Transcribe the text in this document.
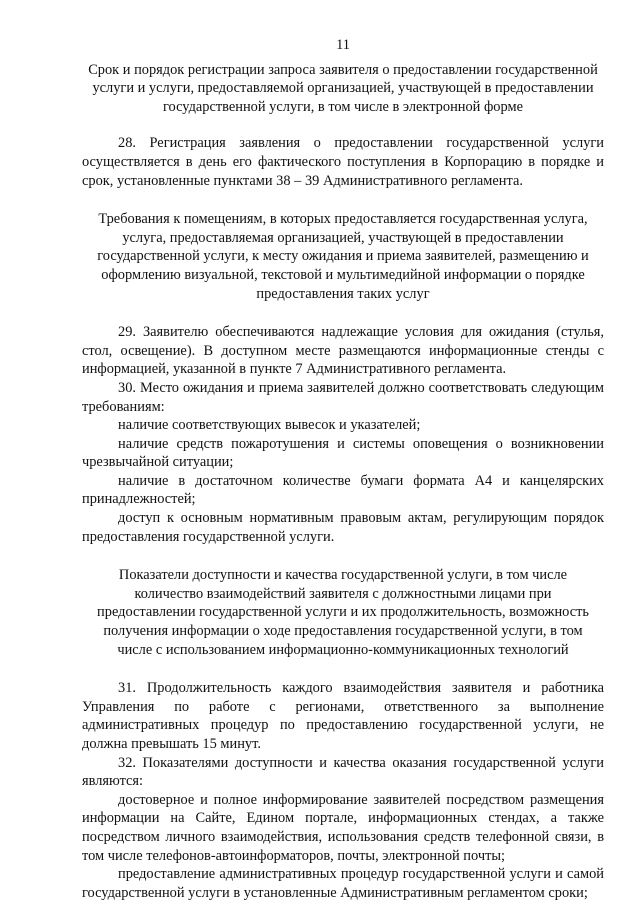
11
Срок и порядок регистрации запроса заявителя о предоставлении государственной услуги и услуги, предоставляемой организацией, участвующей в предоставлении государственной услуги, в том числе в электронной форме

28. Регистрация заявления о предоставлении государственной услуги осуществляется в день его фактического поступления в Корпорацию в порядке и срок, установленные пунктами 38 – 39 Административного регламента.

Требования к помещениям, в которых предоставляется государственная услуга, услуга, предоставляемая организацией, участвующей в предоставлении государственной услуги, к месту ожидания и приема заявителей, размещению и оформлению визуальной, текстовой и мультимедийной информации о порядке предоставления таких услуг

29. Заявителю обеспечиваются надлежащие условия для ожидания (стулья, стол, освещение). В доступном месте размещаются информационные стенды с информацией, указанной в пункте 7 Административного регламента.

30. Место ожидания и приема заявителей должно соответствовать следующим требованиям:

наличие соответствующих вывесок и указателей;

наличие средств пожаротушения и системы оповещения о возникновении чрезвычайной ситуации;

наличие в достаточном количестве бумаги формата А4 и канцелярских принадлежностей;

доступ к основным нормативным правовым актам, регулирующим порядок предоставления государственной услуги.

Показатели доступности и качества государственной услуги, в том числе количество взаимодействий заявителя с должностными лицами при предоставлении государственной услуги и их продолжительность, возможность получения информации о ходе предоставления государственной услуги, в том числе с использованием информационно-коммуникационных технологий

31. Продолжительность каждого взаимодействия заявителя и работника Управления по работе с регионами, ответственного за выполнение административных процедур по предоставлению государственной услуги, не должна превышать 15 минут.

32. Показателями доступности и качества оказания государственной услуги являются:

достоверное и полное информирование заявителей посредством размещения информации на Сайте, Едином портале, информационных стендах, а также посредством личного взаимодействия, использования средств телефонной связи, в том числе телефонов-автоинформаторов, почты, электронной почты;

предоставление административных процедур государственной услуги и самой государственной услуги в установленные Административным регламентом сроки;
